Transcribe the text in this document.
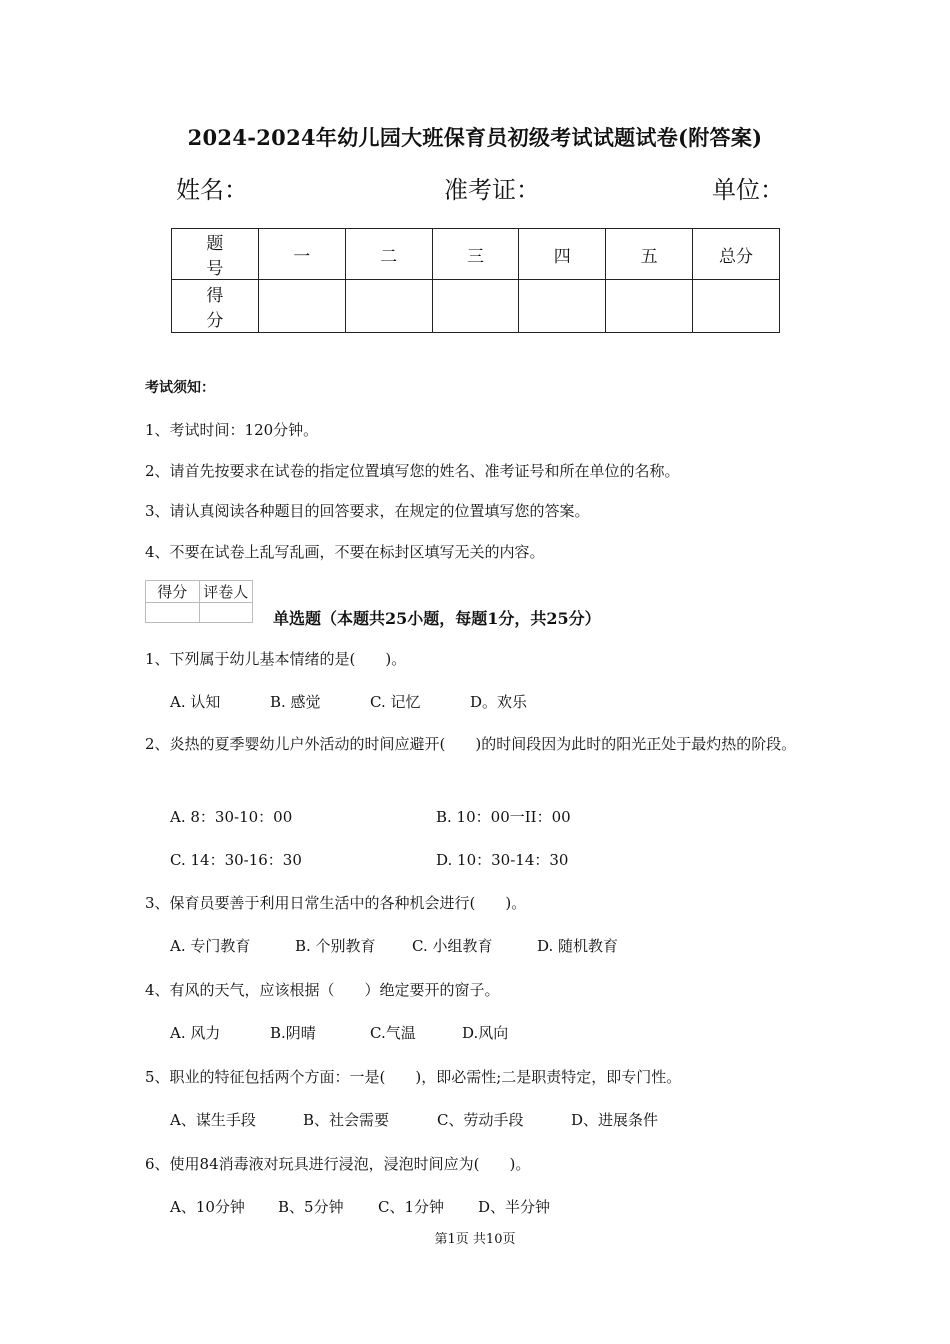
2024-2024年幼儿园大班保育员初级考试试题试卷(附答案)
姓名：	准考证：	单位：
题　号	一	二	三	四	五	总分
得　分						
考试须知：
1、考试时间：120分钟。
2、请首先按要求在试卷的指定位置填写您的姓名、准考证号和所在单位的名称。
3、请认真阅读各种题目的回答要求，在规定的位置填写您的答案。
4、不要在试卷上乱写乱画，不要在标封区填写无关的内容。
得分	评卷人

单选题（本题共25小题，每题1分，共25分）
1、下列属于幼儿基本情绪的是(　　)。
A. 认知	B. 感觉	C. 记忆	D。欢乐
2、炎热的夏季婴幼儿户外活动的时间应避开(　　)的时间段因为此时的阳光正处于最灼热的阶段。
A. 8：30-10：00	B. 10：00一II：00
C. 14：30-16：30	D. 10：30-14：30
3、保育员要善于利用日常生活中的各种机会进行(　　)。
A. 专门教育	B. 个别教育 C. 小组教育	D. 随机教育
4、有风的天气，应该根据（　　）绝定要开的窗子。
A. 风力	B.阴晴	C.气温	D.风向
5、职业的特征包括两个方面：一是(　　)，即必需性;二是职责特定，即专门性。
A、谋生手段	B、社会需要	C、劳动手段	D、进展条件
6、使用84消毒液对玩具进行浸泡，浸泡时间应为(　　)。
A、10分钟 B、5分钟 C、1分钟 D、半分钟
第1页 共10页
